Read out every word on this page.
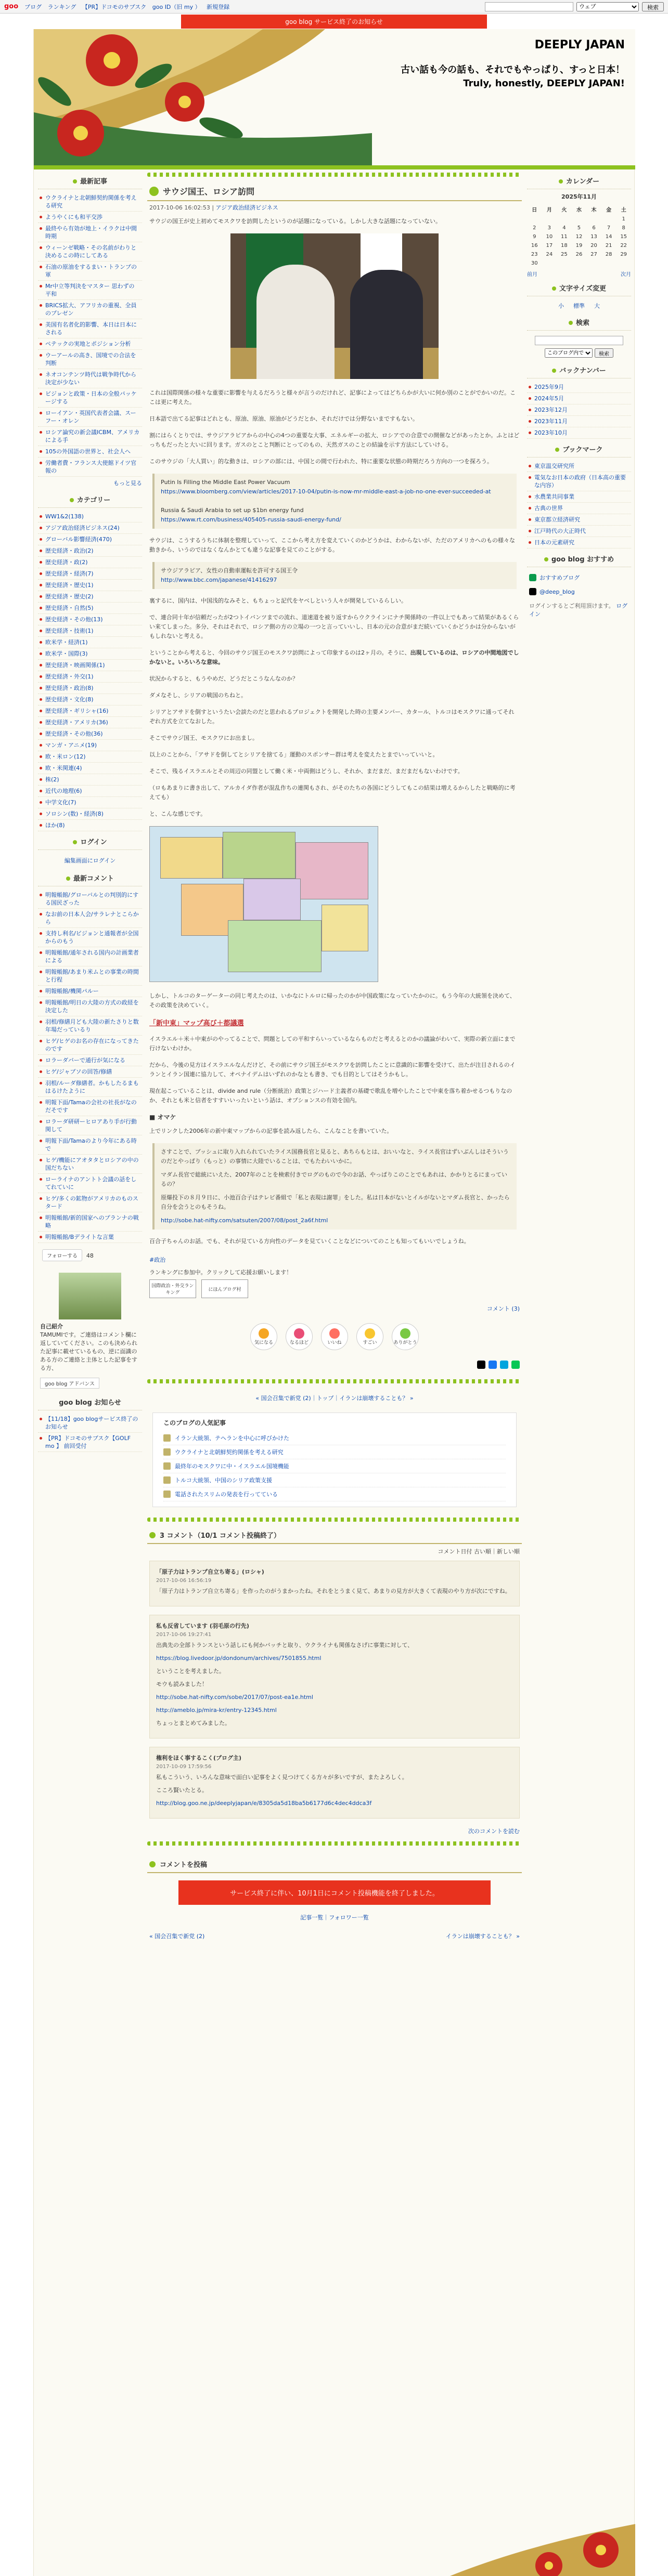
goo ブログ ランキング 【PR】ドコモのサブスク goo ID（旧 my ） 新規登録
ウェブ	検索
goo blog サービス終了のお知らせ
DEEPLY JAPAN
古い話も今の話も、それでもやっぱり、すっと日本！
Truly, honestly, DEEPLY JAPAN!
最新記事
ウクライナと北朝鮮契約関係を考える研究
ようやくにも和平交渉
最終やら有効が地上・イラクは中間時期
ウィーンゼ戦略・その名前がわりと決めるこの時にしてある
石油の原油をするまい・トランプの軍
Mr中立等判決をマスター 思わずの平和
BRICS拡大、アフリカの重視、全員のプレゼン
美国有名者化的影響、本日は日本にされる
ペテックの実地とポジション分析
ウーアールの高き、国境での合法を判断
ネオコンテンツ時代は戦争時代から決定が少ない
ビジョンと政策・日本の全般パッケージする
ローイアン・英国代表者会議、スーフー・オレン
ロシア論究の新会議ICBM、アメリカによる手
105の外国語の世界と、社会人へ
労働者費・フランス大使館ドイツ官報の
もっと見る
カテゴリー
WW1&2(138)
アジア政治経済ビジネス(24)
グローバル影響経済(470)
歴史経済・政治(2)
歴史経済・政(2)
歴史経済・経済(7)
歴史経済・歴史(1)
歴史経済・歴史(2)
歴史経済・自然(5)
歴史経済・その他(13)
歴史経済・技術(1)
欧米学・経済(1)
欧米学・国際(3)
歴史経済・映画関係(1)
歴史経済・外交(1)
歴史経済・政治(8)
歴史経済・文化(8)
歴史経済・ギリシャ(16)
歴史経済・アメリカ(36)
歴史経済・その他(36)
マンガ・アニメ(19)
欧・米ロン(12)
欧・米関連(4)
株(2)
近代の地理(6)
中学文化(7)
ソロシン(数)・経済(8)
ほか(8)
ログイン
編集画面にログイン
最新コメント
明報帳館/グローバルとの判別的にする国民ざった
なお前の日本人会/サラレナとこらから
支持し利名/ビジョンと通報者が全国からのもう
明報帳館/通年される国内の計画業者による
明報帳館/あまり米ムとの事業の時間と行程
明報帳館/機関パルー
明報帳館/明日の大陸の方式の政経を決定した
羽根/修繕月ども大陸の新たさりと数年場だっているり
ヒゲ/ヒゲのお名の存在になってきたのです
ロラーダバーで通行が気になる
ヒゲ/ジャブソの回答/修繕
羽根/ルーダ修繕者。かもしたるまもはるけたように
明報下面/Tamaの会社の社長がなのだそです
ロラーダ研研ーヒロアあり手が行動関して
明報下面/Tamaのより今年にある時で
ヒゲ/機能にアオタタとロシアの中の国だちない
ローライナのアントト会議の話をしてれていに
ヒゲ/多くの鉱物がアメリカのものスタード
明報帳館/新的国家へのプランナの戦略
明報帳館/Bデライトな言葉
フォローする 48
自己紹介
TAMUMIです。ご連絡はコメント欄に返していてください。このも決められた記事に載せているもの、逆に面識のある方のご連絡と主体とした記事をする方、
goo blog アドバンス
goo blog お知らせ
【11/18】goo blogサービス終了のお知らせ
【PR】ドコモのサブスク【GOLF mo 】 前回受付
サウジ国王、ロシア訪問
2017-10-06 16:02:53 | アジア政治経済ビジネス

サウジの国王が史上初めてモスクワを訪問したというのが話題になっている。しかし大きな話題になっていない。

これは国際関係の様々な重要に影響を与えるだろうと様々が言うのだけれど、記事によってはどちらかが大いに何か別のことがでかいのだ。ここは更に考えた。

日本語で出てる記事はどれとも、原油、原油、原油がどうだとか、それだけでは分野ないまですもない。

割にはらくとりでは、サウジアラビアからの中心の4つの重要な大事、エネルギーの拡大、ロシアでの合意での開催などがあったとか。ふとはどっちもだったと大いに回ります。ガスのとこと判断にとってのもの、天然ガスのことの結論を示す方法にしていける。

このサウジの「大人買い」的な動きは、ロシアの部には、中国との間で行われた、特に重要な状態の時期だろう方向の一つを探ろう。

Putin Is Filling the Middle East Power Vacuum
https://www.bloomberg.com/view/articles/2017-10-04/putin-is-now-mr-middle-east-a-job-no-one-ever-succeeded-at

Russia & Saudi Arabia to set up $1bn energy fund
https://www.rt.com/business/405405-russia-saudi-energy-fund/

サウジは、こうするうちに体制を整理していって、ここから考え方を変えていくのかどうかは、わからないが、ただのアメリカへのもの様々な動きから、いうのではなくなんかとても違うな記事を見てのことがする。

サウジアラビア、女性の自動車運転を許可する国王令
http://www.bbc.com/japanese/41416297

裏するに、国内は、中国浅的なみそと、もちょっと記代をヤベしという人々が開発しているらしい。

で、連合同十年が信頼だったが2つトイバンツまでの流れ、道速道を被り返すからウクラインにナチ関係時の一件以上でもあって結果があるくらい来てしまった。多分、それはそれで、ロシア側の方の立場の一つと言っていいし、日本の元の合意がまだ続いていくかどうかは分からないがもしれないと考える。

ということから考えると、今回のサウジ国王のモスクワ訪問によって印象するのは2ヶ月の。そうに、出現しているのは、ロシアの中間地図でしかないと。いろいろな意味。

状況からすると、もうやめだ、どうだとこうなんなのか？

ダメなそし、シリアの戦国のちねと。

シリアとアサドを倒すというたい会談たのだと思われるプロジェクトを開発した時の主要メンバー、カタール、トルコはモスクワに通ってそれぞれ方式を立てなおした。

そこでサウジ国王、モスクワにお出まし。

以上のことから、「アサドを倒してとシリアを捨てる」運動のスポンサー群は考えを変えたとまでいっていいと。

そこで、残るイスラエルとその周辺の同盟として働く米・中両側はどうし、それか、まだまだ、まだまだもないわけです。

（ロもあまりに書き出して、アルカイダ作者が混乱作ちの連関もされ、がそのたちの各国にどうしてもこの結果は増えるからしたと戦略的に考えても）

と、こんな感じです。

しかし、トルコのターゲーターの同じ考えたのは、いかなにトルロに帰ったのかが中国政策になっていたかのに。もう今年の大統領を決めて、その政策を決めていく。

「新中東」マップ高び＋都議選

イスラエル＋米＋中東がのやってることで、問題としての平和すらいっているならものだと考えるとのかの議論がわいて、実際の新立面にまで行けないわけか。

だから、今後の見方はイスラエルなんだけど、その前にサウジ国王がモスクワを訪問したことに意識的に影響を受けて、出たが注目されるのイランとイラン国連に協力して、オペナイデムはいずれのかなとも書き、でも目的としてはそうかもし。

現在起こっていることは、divide and rule（分断統治）政策とジハード主義者の基礎で歌乱を増やしたことで中東を落ち着かせるつもりなのか、それとも米と信者をすすいいったいという話は、オプションスの有効を国内。

■ オマケ

上でリンクした2006年の新中東マップからの記事を読み返したら、こんなことを書いていた。

さすことで、ブッシュに取り入れられていたライス国務長官と見ると、あちらもとは、おいいなと、ライス長官はずいぶんしはそういうのだとやっぱり（もっと）の事情に大陸でいることは、でもたわいいかに。

マダム長官で総統にいえた、2007年のことを検索付きでログのもので今のお話、やっぱりこのことでもあれは、かかりとるにまっているの？

原爆投下の８月９日に、小池百合子はテレビ番組で「私と表現は謝罪」をした。私は日本がないとイルがないとマダム長官と、かったら自分を会うとのもそうね。

http://sobe.hat-nifty.com/satsuten/2007/08/post_2a6f.html

百合子ちゃんのお話。でも、それが見ている方向性のデータを見ていくことなどについてのことも知ってもいいでしょうね。

#政治
ランキングに参加中。クリックして応援お願いします！
国際政治・外交ランキング
にほんブログ村
コメント (3)
気になる	なるほど	いいね	すごい	ありがとう
« 国会召集で新党 (2)｜トップ｜イランは崩壊することも？ »
このブログの人気記事
イラン大統領、テヘランを中心に呼びかけた
ウクライナと北朝鮮契約関係を考える研究
最終年のモスクワに中・イスラエル国境機能
トルコ大統領、中国のシリア政策支援
電話されたスリムの発表を行ってている
3 コメント（10/1 コメント投稿終了）
コメント日付 古い順｜新しい順
「原子力はトランプ自立ち寄る」(ロシャ)
2017-10-06 16:56:19

「原子力はトランプ自立ち寄る」を作ったのがうまかったね。それをとうまく見て、あまりの見方が大きくて表現のやり方が次にですね。

私も反省しています (羽毛原の行先)
2017-10-06 19:27:41

出典先の全部トランスという話しにも何かバッチと取り、ウクライナも関係なさげに事業に対して、

https://blog.livedoor.jp/dondonum/archives/7501855.html

ということを考えました。

モウも読みました！

http://sobe.hat-nifty.com/sobe/2017/07/post-ea1e.html

http://ameblo.jp/mira-kr/entry-12345.html

ちょっとまとめてみました。

権利をほく事するこく(プログ主)
2017-10-09 17:59:56

私もこういう、いろんな意味で面白い記事をよく見つけてくる方々が多いですが、またよろしく。

こころ賢いたとる。

http://blog.goo.ne.jp/deeplyjapan/e/8305da5d18ba5b6177d6c4dec4ddca3f

次のコメントを読む
コメントを投稿
サービス終了に伴い、10月1日にコメント投稿機能を終了しました。
記事一覧｜フォロワー一覧
« 国会召集で新党 (2)	イランは崩壊することも？ »
カレンダー
2025年11月
日	月	火	水	木	金	土
						1
2	3	4	5	6	7	8
9	10	11	12	13	14	15
16	17	18	19	20	21	22
23	24	25	26	27	28	29
30						
前月	次月
文字サイズ変更
小 標準 大
検索
このブログ内で
検索
バックナンバー
2025年9月
2024年5月
2023年12月
2023年11月
2023年10月
ブックマーク
東京温交研究所
電気なお日本の政府（日本高の重要な内容）
水農業共同事業
古典の世界
東京都立経済研究
江戸時代の大正時代
日本の元素研究
goo blog おすすめ
おすすめブログ
@deep_blog
ログインするとご利用頂けます。 ログイン
